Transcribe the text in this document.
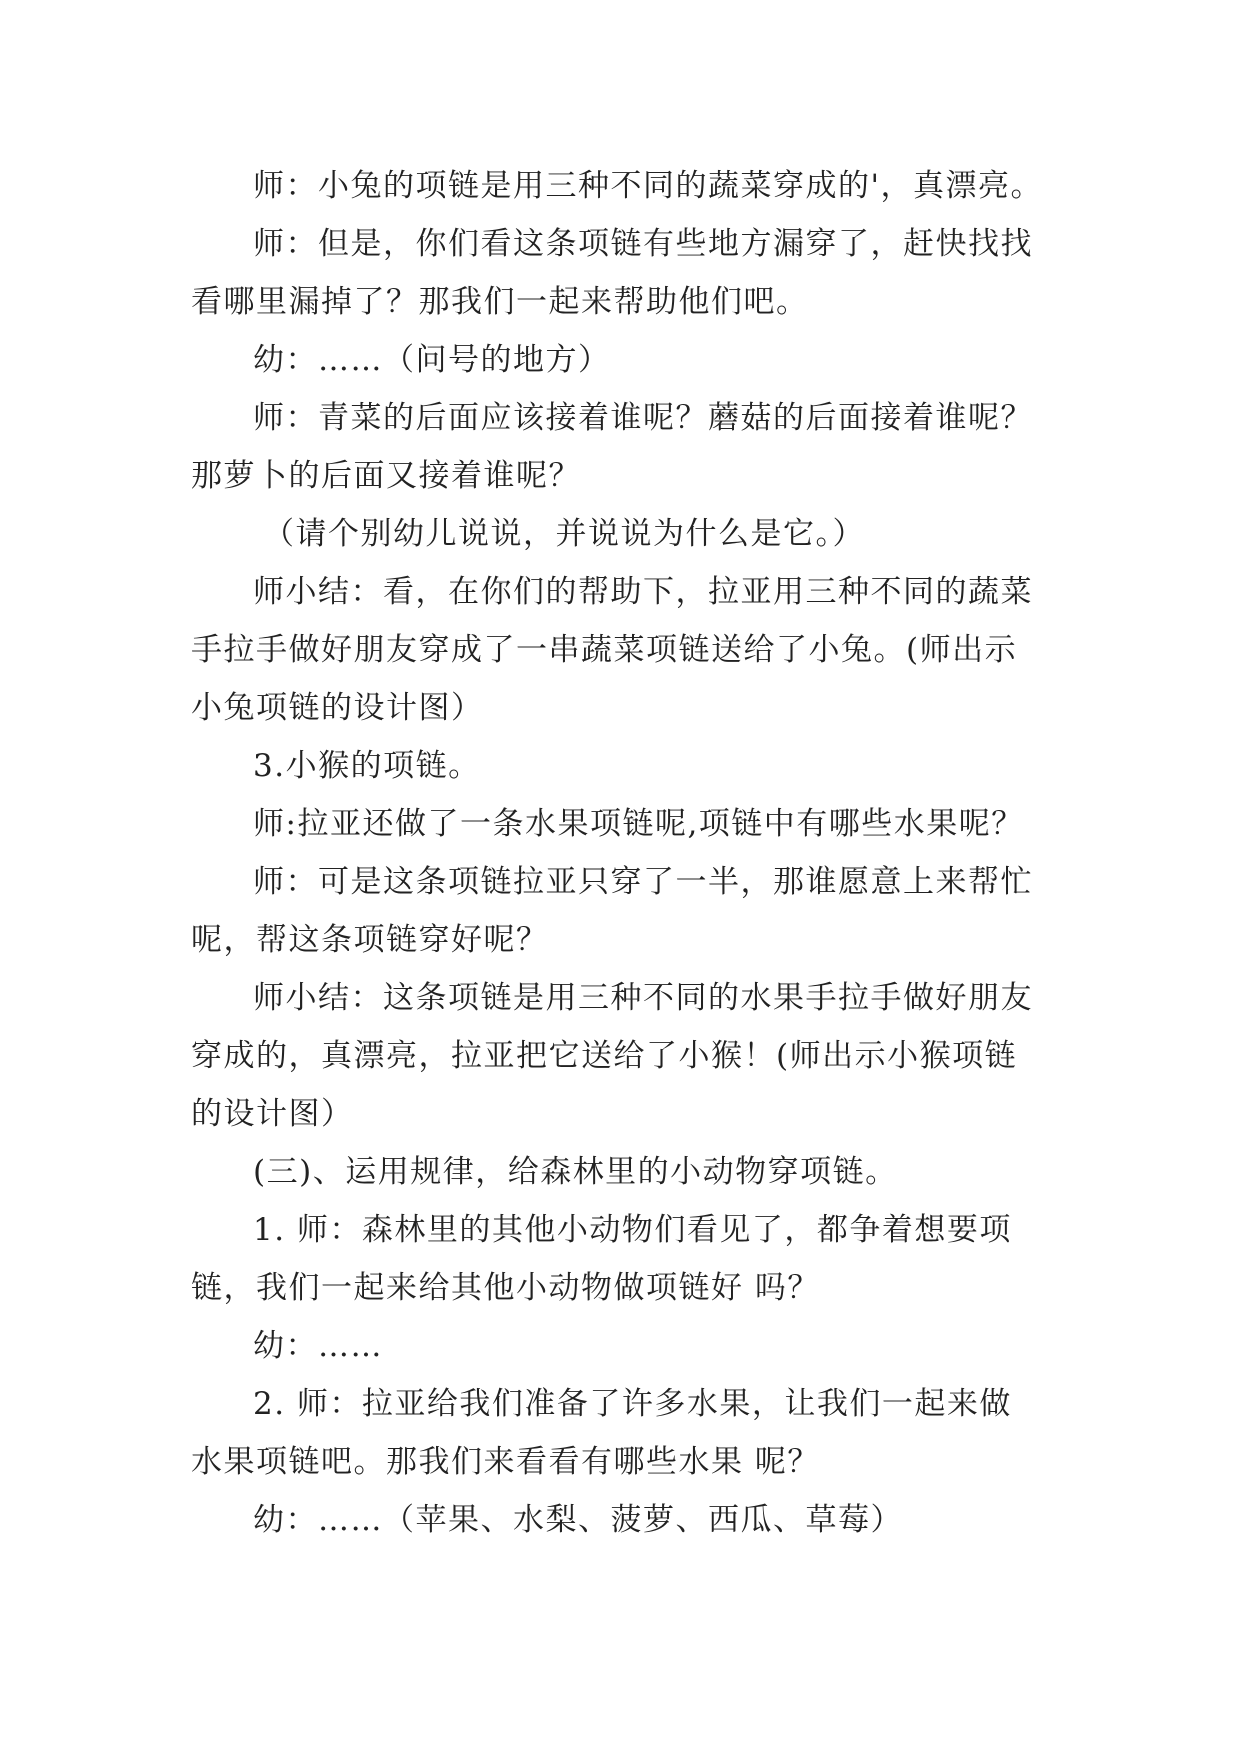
师：小兔的项链是用三种不同的蔬菜穿成的'，真漂亮。
师：但是，你们看这条项链有些地方漏穿了，赶快找找
看哪里漏掉了？那我们一起来帮助他们吧。
幼：……（问号的地方）
师：青菜的后面应该接着谁呢？蘑菇的后面接着谁呢？
那萝卜的后面又接着谁呢？
（请个别幼儿说说，并说说为什么是它。）
师小结：看，在你们的帮助下，拉亚用三种不同的蔬菜
手拉手做好朋友穿成了一串蔬菜项链送给了小兔。(师出示
小兔项链的设计图）
3.小猴的项链。
师:拉亚还做了一条水果项链呢,项链中有哪些水果呢？
师：可是这条项链拉亚只穿了一半，那谁愿意上来帮忙
呢，帮这条项链穿好呢？
师小结：这条项链是用三种不同的水果手拉手做好朋友
穿成的，真漂亮，拉亚把它送给了小猴！(师出示小猴项链
的设计图）
(三)、运用规律，给森林里的小动物穿项链。
1. 师：森林里的其他小动物们看见了，都争着想要项
链，我们一起来给其他小动物做项链好 吗？
幼：……
2. 师：拉亚给我们准备了许多水果，让我们一起来做
水果项链吧。那我们来看看有哪些水果 呢？
幼：……（苹果、水梨、菠萝、西瓜、草莓）
